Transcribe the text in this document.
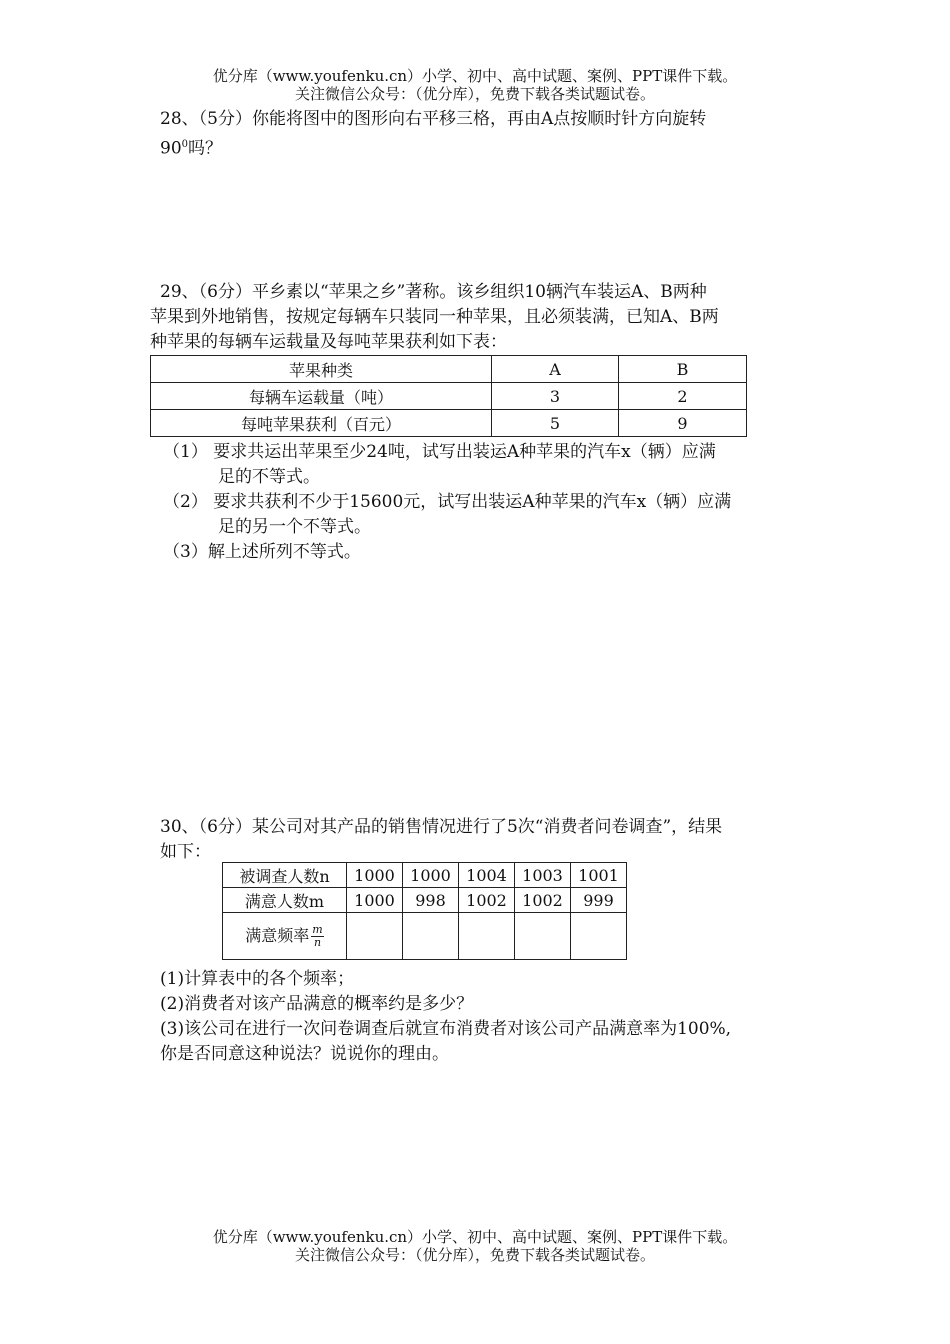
优分库（www.youfenku.cn）小学、初中、高中试题、案例、PPT课件下载。
关注微信公众号：（优分库），免费下载各类试题试卷。
28、（5分）你能将图中的图形向右平移三格，再由A点按顺时针方向旋转
$90^0$吗？
29、（6分）平乡素以“苹果之乡”著称。该乡组织10辆汽车装运A、B两种
苹果到外地销售，按规定每辆车只装同一种苹果，且必须装满，已知A、B两
种苹果的每辆车运载量及每吨苹果获利如下表：
苹果种类	A	B
每辆车运载量（吨）	3	2
每吨苹果获利（百元）	5	9
（1） 要求共运出苹果至少24吨，试写出装运A种苹果的汽车x（辆）应满
足的不等式。
（2） 要求共获利不少于15600元，试写出装运A种苹果的汽车x（辆）应满
足的另一个不等式。
（3）解上述所列不等式。
30、（6分）某公司对其产品的销售情况进行了5次“消费者问卷调查”，结果
如下：
被调查人数n	1000	1000	1004	1003	1001
满意人数m	1000	998	1002	1002	999
满意频率 $\frac{m}{n}$

(1)计算表中的各个频率；
(2)消费者对该产品满意的概率约是多少？
(3)该公司在进行一次问卷调查后就宣布消费者对该公司产品满意率为100%,
你是否同意这种说法？说说你的理由。
优分库（www.youfenku.cn）小学、初中、高中试题、案例、PPT课件下载。
关注微信公众号：（优分库），免费下载各类试题试卷。
